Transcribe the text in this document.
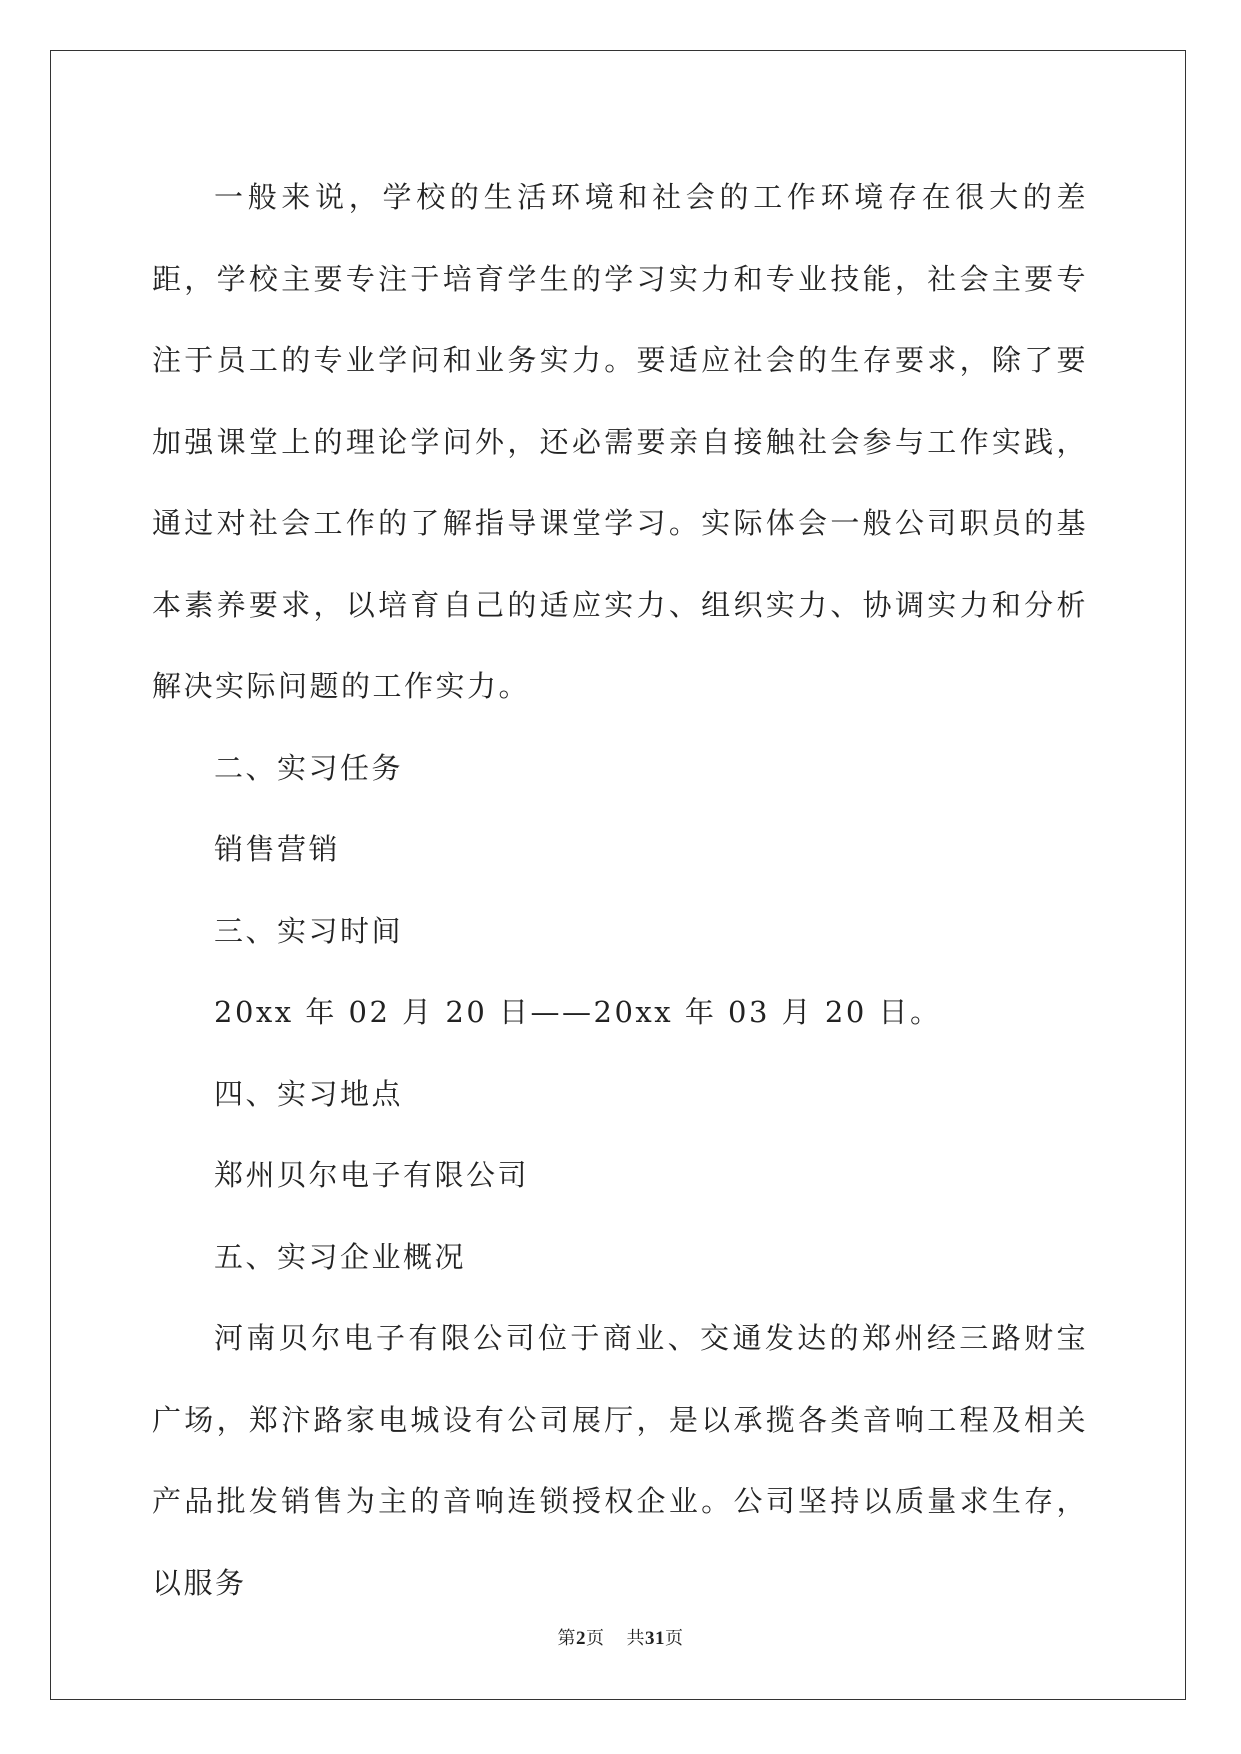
一般来说，学校的生活环境和社会的工作环境存在很大的差距，学校主要专注于培育学生的学习实力和专业技能，社会主要专注于员工的专业学问和业务实力。要适应社会的生存要求，除了要加强课堂上的理论学问外，还必需要亲自接触社会参与工作实践，通过对社会工作的了解指导课堂学习。实际体会一般公司职员的基本素养要求，以培育自己的适应实力、组织实力、协调实力和分析解决实际问题的工作实力。

二、实习任务

销售营销

三、实习时间

20xx 年 02 月 20 日——20xx 年 03 月 20 日。

四、实习地点

郑州贝尔电子有限公司

五、实习企业概况

河南贝尔电子有限公司位于商业、交通发达的郑州经三路财宝广场，郑汴路家电城设有公司展厅，是以承揽各类音响工程及相关产品批发销售为主的音响连锁授权企业。公司坚持以质量求生存，以服务

第2页 共31页
